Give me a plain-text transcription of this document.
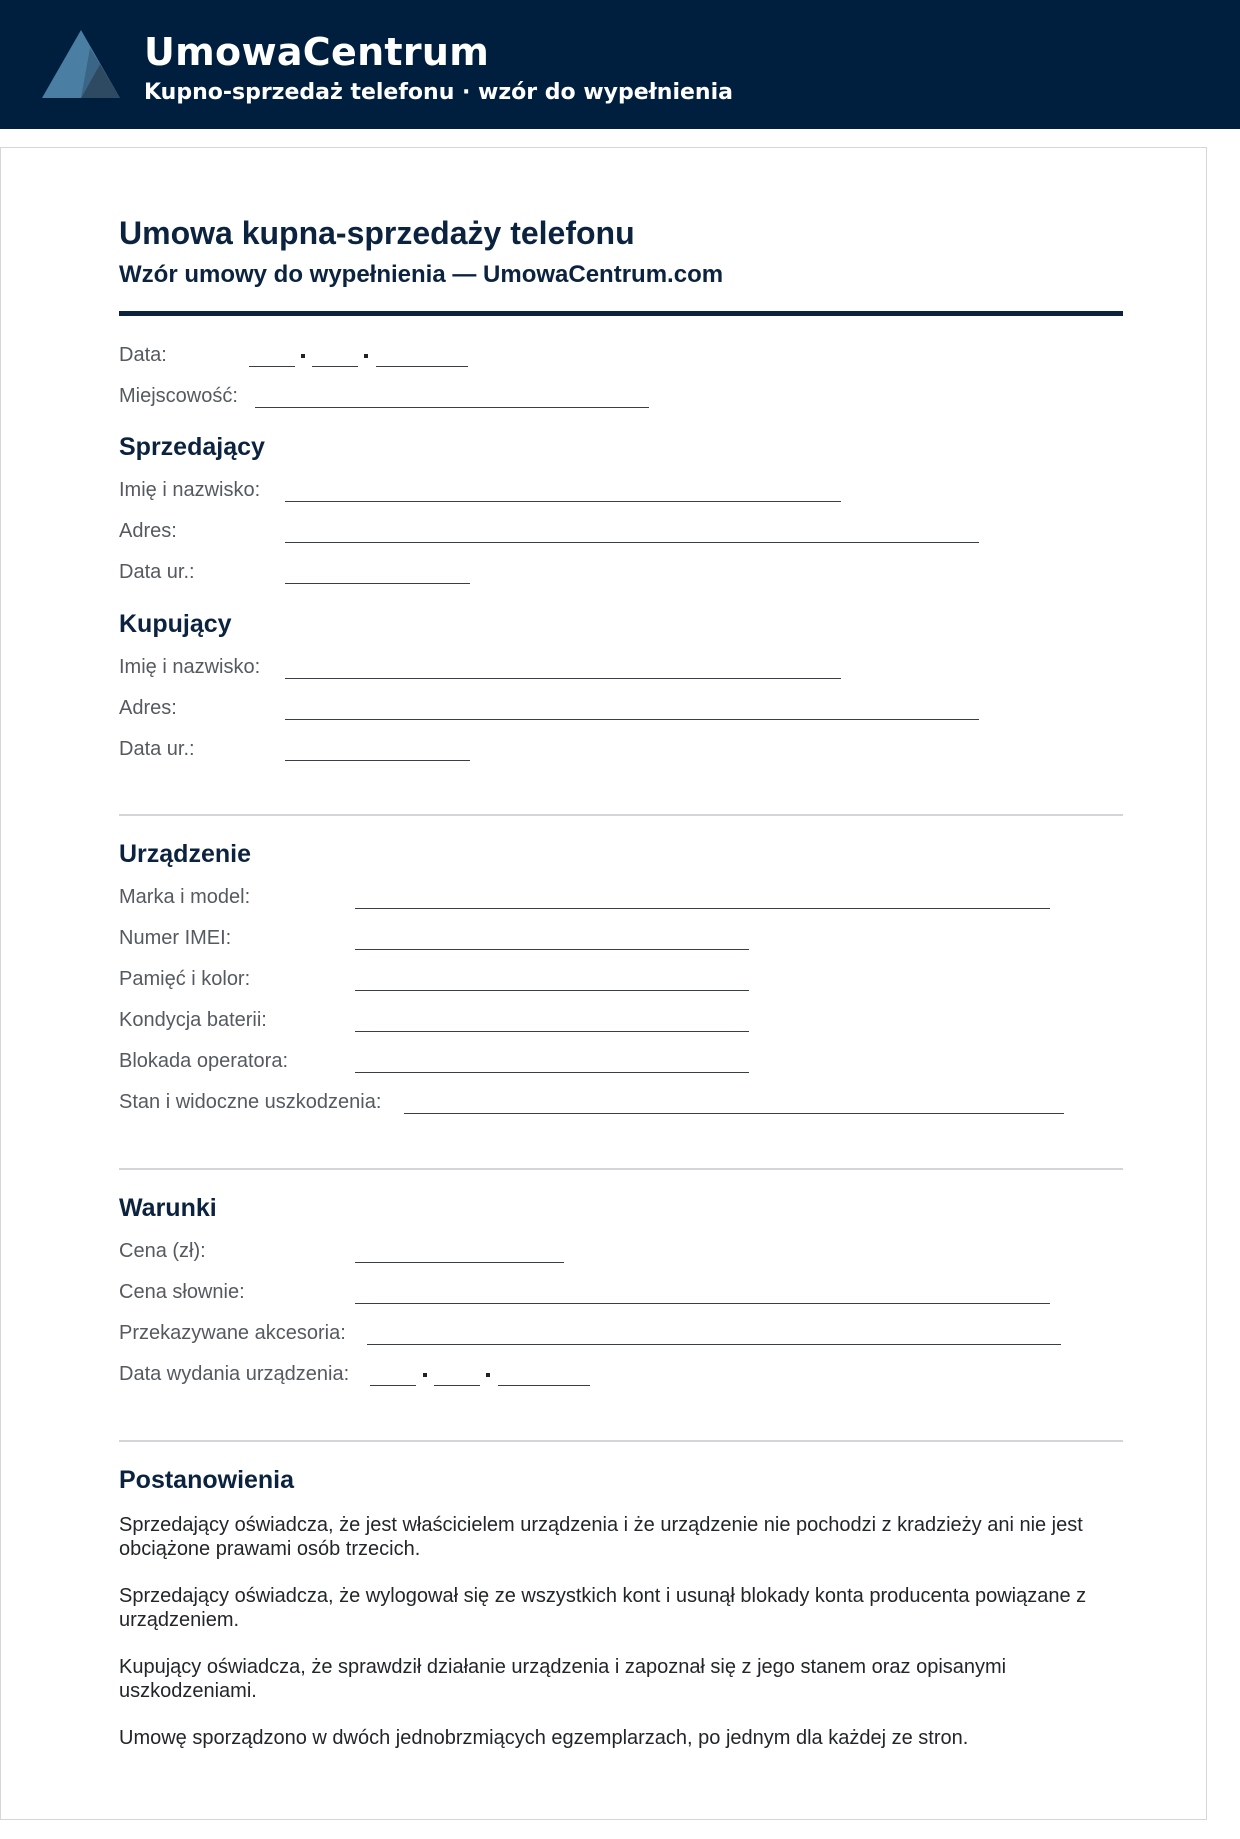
UmowaCentrum
Kupno-sprzedaż telefonu · wzór do wypełnienia
Umowa kupna-sprzedaży telefonu
Wzór umowy do wypełnienia — UmowaCentrum.com
Data:
Miejscowość:
Sprzedający
Imię i nazwisko:
Adres:
Data ur.:
Kupujący
Imię i nazwisko:
Adres:
Data ur.:
Urządzenie
Marka i model:
Numer IMEI:
Pamięć i kolor:
Kondycja baterii:
Blokada operatora:
Stan i widoczne uszkodzenia:
Warunki
Cena (zł):
Cena słownie:
Przekazywane akcesoria:
Data wydania urządzenia:
Postanowienia
Sprzedający oświadcza, że jest właścicielem urządzenia i że urządzenie nie pochodzi z kradzieży ani nie jest obciążone prawami osób trzecich.
Sprzedający oświadcza, że wylogował się ze wszystkich kont i usunął blokady konta producenta powiązane z urządzeniem.
Kupujący oświadcza, że sprawdził działanie urządzenia i zapoznał się z jego stanem oraz opisanymi uszkodzeniami.
Umowę sporządzono w dwóch jednobrzmiących egzemplarzach, po jednym dla każdej ze stron.
